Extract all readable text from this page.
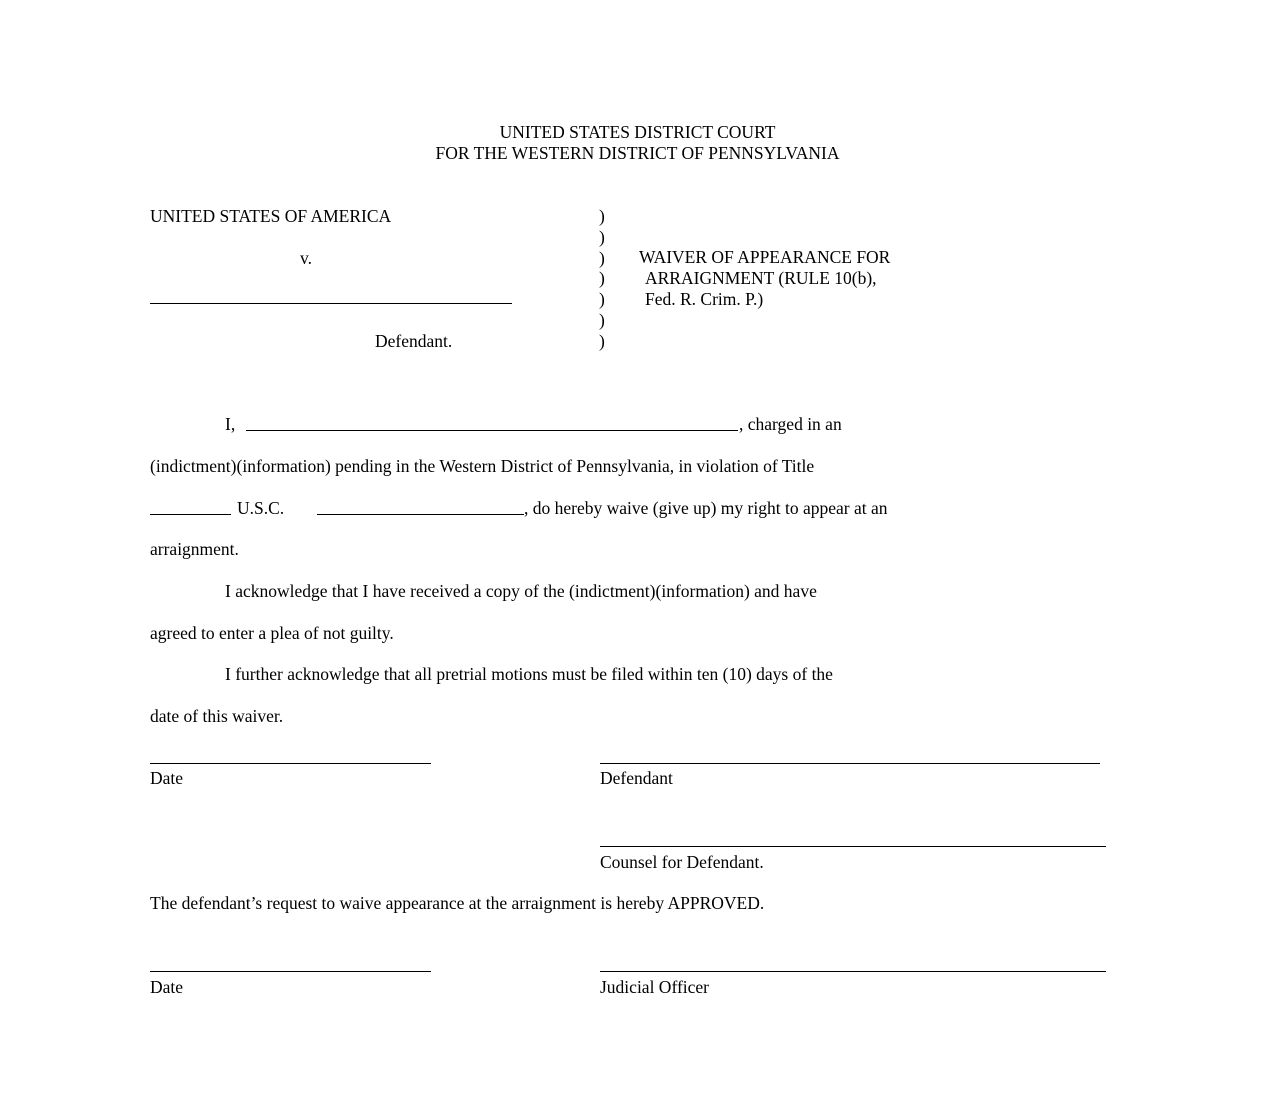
UNITED STATES DISTRICT COURT
FOR THE WESTERN DISTRICT OF PENNSYLVANIA
UNITED STATES OF AMERICA
v.
Defendant.
)
)
)
)
)
)
)
WAIVER OF APPEARANCE FOR
ARRAIGNMENT (RULE 10(b),
Fed. R. Crim. P.)
I,	, charged in an
(indictment)(information) pending in the Western District of Pennsylvania, in violation of Title
U.S.C.	, do hereby waive (give up) my right to appear at an
arraignment.
I acknowledge that I have received a copy of the (indictment)(information) and have
agreed to enter a plea of not guilty.
I further acknowledge that all pretrial motions must be filed within ten (10) days of the
date of this waiver.
Date	Defendant
Counsel for Defendant.
The defendant’s request to waive appearance at the arraignment is hereby APPROVED.
Date	Judicial Officer
